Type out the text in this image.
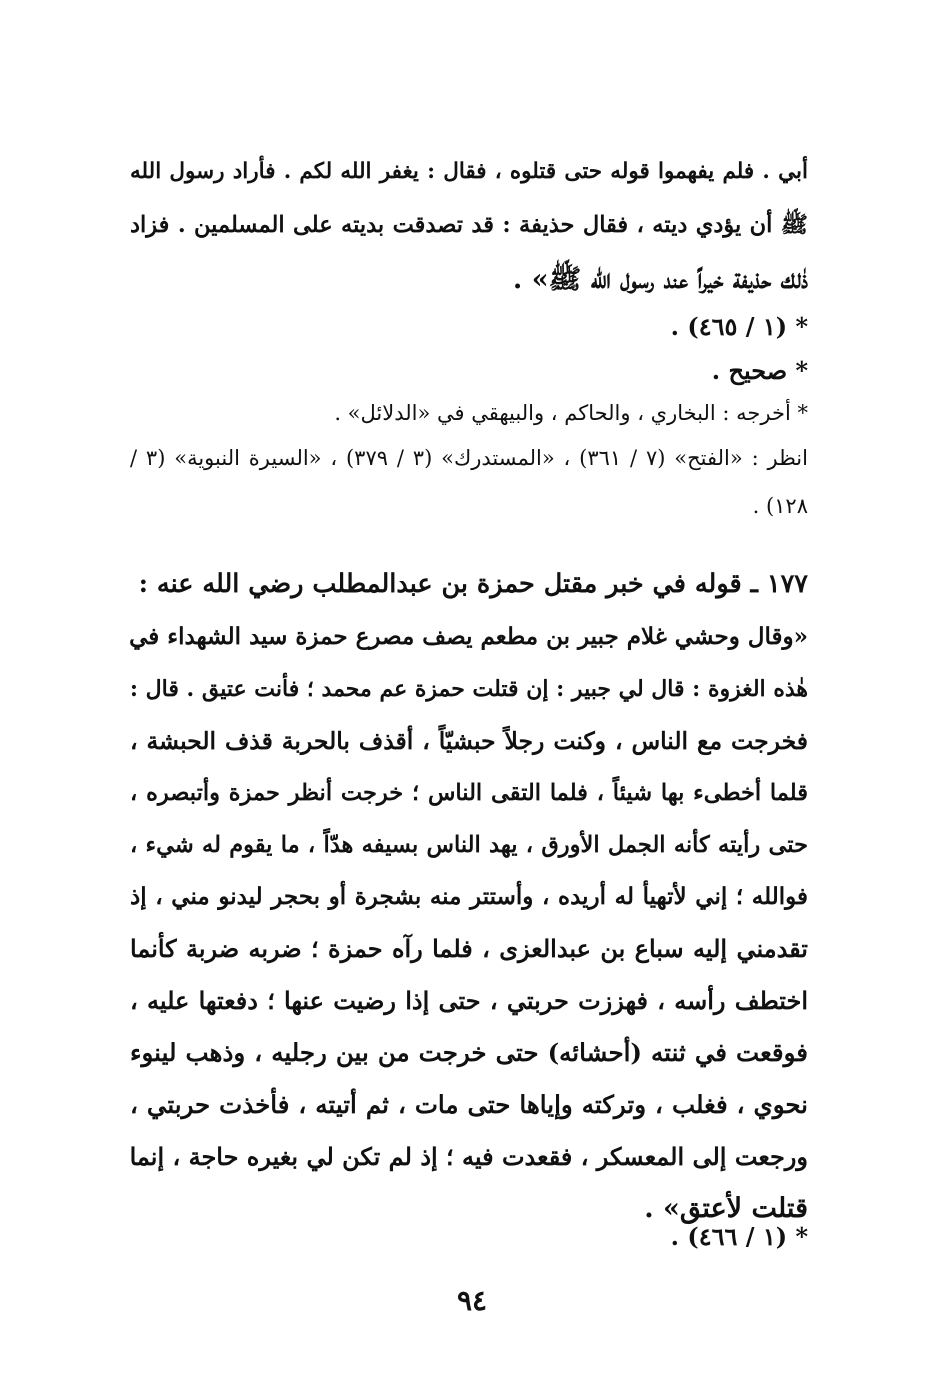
أبي . فلم يفهموا قوله حتى قتلوه ، فقال : يغفر الله لكم . فأراد رسول الله
ﷺ أن يؤدي ديته ، فقال حذيفة : قد تصدقت بديته على المسلمين . فزاد
ذٰلك حذيفة خيراً عند رسول الله ﷺ» .
* (١ / ٤٦٥) .
* صحيح .
* أخرجه : البخاري ، والحاكم ، والبيهقي في «الدلائل» .
انظر : «الفتح» (٧ / ٣٦١) ، «المستدرك» (٣ / ٣٧٩) ، «السيرة النبوية» (٣ /
١٢٨) .
١٧٧ ـ قوله في خبر مقتل حمزة بن عبدالمطلب رضي الله عنه :
«وقال وحشي غلام جبير بن مطعم يصف مصرع حمزة سيد الشهداء في
هٰذه الغزوة : قال لي جبير : إن قتلت حمزة عم محمد ؛ فأنت عتيق . قال :
فخرجت مع الناس ، وكنت رجلاً حبشيّاً ، أقذف بالحربة قذف الحبشة ،
قلما أخطىء بها شيئاً ، فلما التقى الناس ؛ خرجت أنظر حمزة وأتبصره ،
حتى رأيته كأنه الجمل الأورق ، يهد الناس بسيفه هدّاً ، ما يقوم له شيء ،
فوالله ؛ إني لأتهيأ له أريده ، وأستتر منه بشجرة أو بحجر ليدنو مني ، إذ
تقدمني إليه سباع بن عبدالعزى ، فلما رآه حمزة ؛ ضربه ضربة كأنما
اختطف رأسه ، فهززت حربتي ، حتى إذا رضيت عنها ؛ دفعتها عليه ،
فوقعت في ثنته (أحشائه) حتى خرجت من بين رجليه ، وذهب لينوء
نحوي ، فغلب ، وتركته وإياها حتى مات ، ثم أتيته ، فأخذت حربتي ،
ورجعت إلى المعسكر ، فقعدت فيه ؛ إذ لم تكن لي بغيره حاجة ، إنما
قتلت لأعتق» .
* (١ / ٤٦٦) .
٩٤
